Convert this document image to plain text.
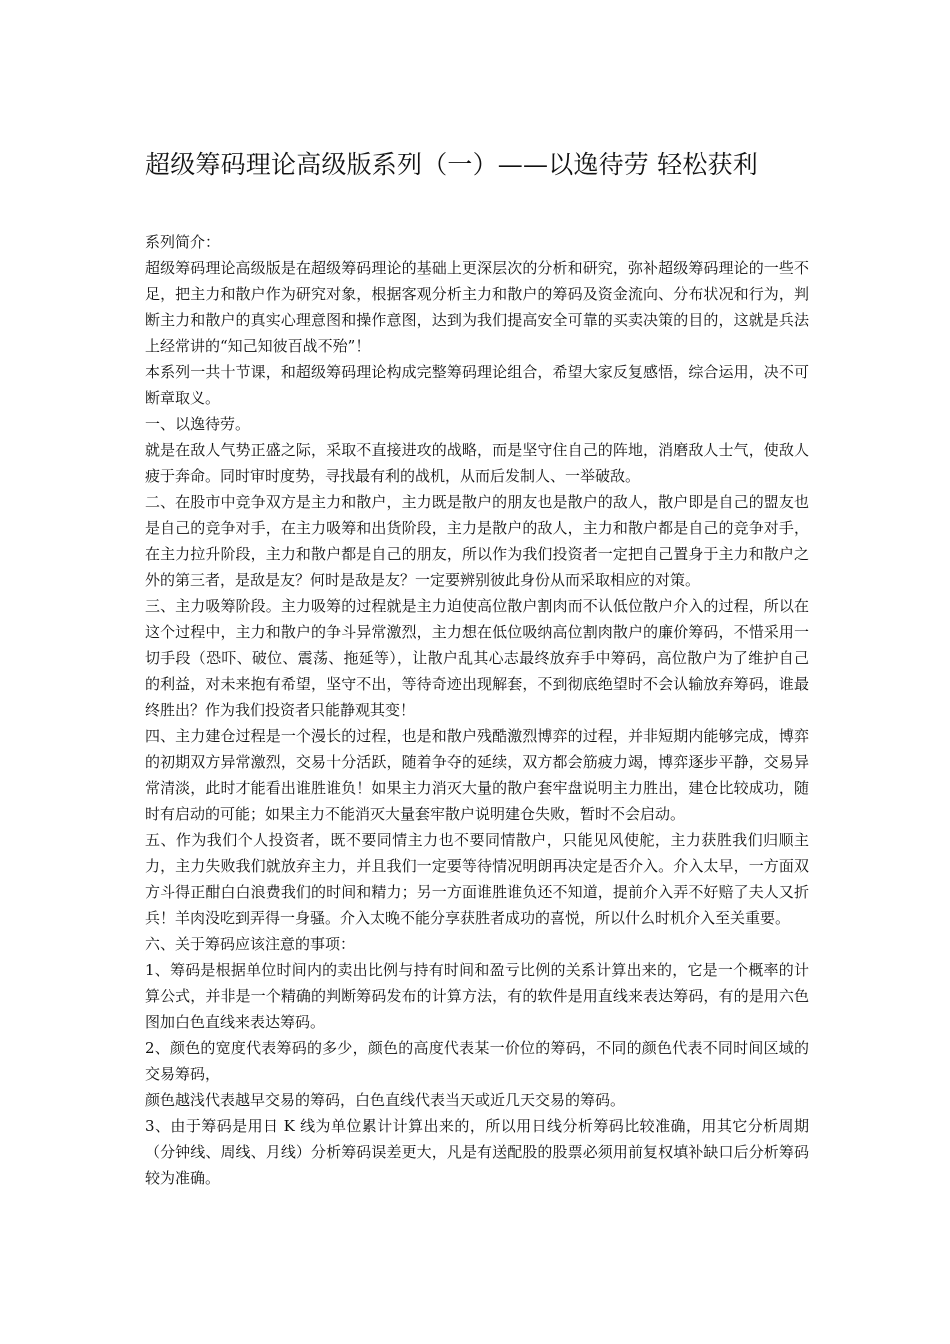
超级筹码理论高级版系列（一）——以逸待劳 轻松获利

系列简介：

超级筹码理论高级版是在超级筹码理论的基础上更深层次的分析和研究，弥补超级筹码理论的一些不足，把主力和散户作为研究对象，根据客观分析主力和散户的筹码及资金流向、分布状况和行为，判断主力和散户的真实心理意图和操作意图，达到为我们提高安全可靠的买卖决策的目的，这就是兵法上经常讲的“知己知彼百战不殆”！

本系列一共十节课，和超级筹码理论构成完整筹码理论组合，希望大家反复感悟，综合运用，决不可断章取义。

一、以逸待劳。

就是在敌人气势正盛之际，采取不直接进攻的战略，而是坚守住自己的阵地，消磨敌人士气，使敌人疲于奔命。同时审时度势，寻找最有利的战机，从而后发制人、一举破敌。

二、在股市中竞争双方是主力和散户，主力既是散户的朋友也是散户的敌人，散户即是自己的盟友也是自己的竞争对手，在主力吸筹和出货阶段，主力是散户的敌人，主力和散户都是自己的竞争对手，在主力拉升阶段，主力和散户都是自己的朋友，所以作为我们投资者一定把自己置身于主力和散户之外的第三者，是敌是友？何时是敌是友？一定要辨别彼此身份从而采取相应的对策。

三、主力吸筹阶段。主力吸筹的过程就是主力迫使高位散户割肉而不认低位散户介入的过程，所以在这个过程中，主力和散户的争斗异常激烈，主力想在低位吸纳高位割肉散户的廉价筹码，不惜采用一切手段（恐吓、破位、震荡、拖延等），让散户乱其心志最终放弃手中筹码，高位散户为了维护自己的利益，对未来抱有希望，坚守不出，等待奇迹出现解套，不到彻底绝望时不会认输放弃筹码，谁最终胜出？作为我们投资者只能静观其变！

四、主力建仓过程是一个漫长的过程，也是和散户残酷激烈博弈的过程，并非短期内能够完成，博弈的初期双方异常激烈，交易十分活跃，随着争夺的延续，双方都会筋疲力竭，博弈逐步平静，交易异常清淡，此时才能看出谁胜谁负！如果主力消灭大量的散户套牢盘说明主力胜出，建仓比较成功，随时有启动的可能；如果主力不能消灭大量套牢散户说明建仓失败，暂时不会启动。

五、作为我们个人投资者，既不要同情主力也不要同情散户，只能见风使舵，主力获胜我们归顺主力，主力失败我们就放弃主力，并且我们一定要等待情况明朗再决定是否介入。介入太早，一方面双方斗得正酣白白浪费我们的时间和精力；另一方面谁胜谁负还不知道，提前介入弄不好赔了夫人又折兵！羊肉没吃到弄得一身骚。介入太晚不能分享获胜者成功的喜悦，所以什么时机介入至关重要。

六、关于筹码应该注意的事项：

1、筹码是根据单位时间内的卖出比例与持有时间和盈亏比例的关系计算出来的，它是一个概率的计算公式，并非是一个精确的判断筹码发布的计算方法，有的软件是用直线来表达筹码，有的是用六色图加白色直线来表达筹码。

2、颜色的宽度代表筹码的多少，颜色的高度代表某一价位的筹码，不同的颜色代表不同时间区域的交易筹码，

颜色越浅代表越早交易的筹码，白色直线代表当天或近几天交易的筹码。

3、由于筹码是用日 K 线为单位累计计算出来的，所以用日线分析筹码比较准确，用其它分析周期（分钟线、周线、月线）分析筹码误差更大，凡是有送配股的股票必须用前复权填补缺口后分析筹码较为准确。
